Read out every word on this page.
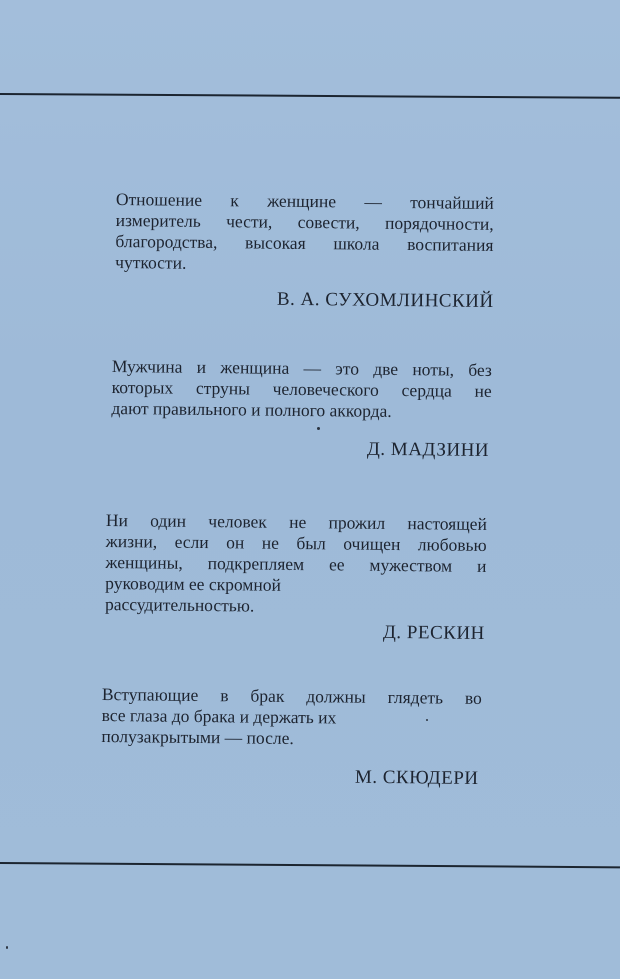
Отношение к женщине — тончайший
измеритель чести, совести, порядочности,
благородства, высокая школа воспитания
чуткости.
В. А. СУХОМЛИНСКИЙ
Мужчина и женщина — это две ноты, без
которых струны человеческого сердца не
дают правильного и полного аккорда.
Д. МАДЗИНИ
Ни один человек не прожил настоящей
жизни, если он не был очищен любовью
женщины, подкрепляем ее мужеством и
руководим ее скромной
рассудительностью.
Д. РЕСКИН
Вступающие в брак должны глядеть во
все глаза до брака и держать их
полузакрытыми — после.
М. СКЮДЕРИ
